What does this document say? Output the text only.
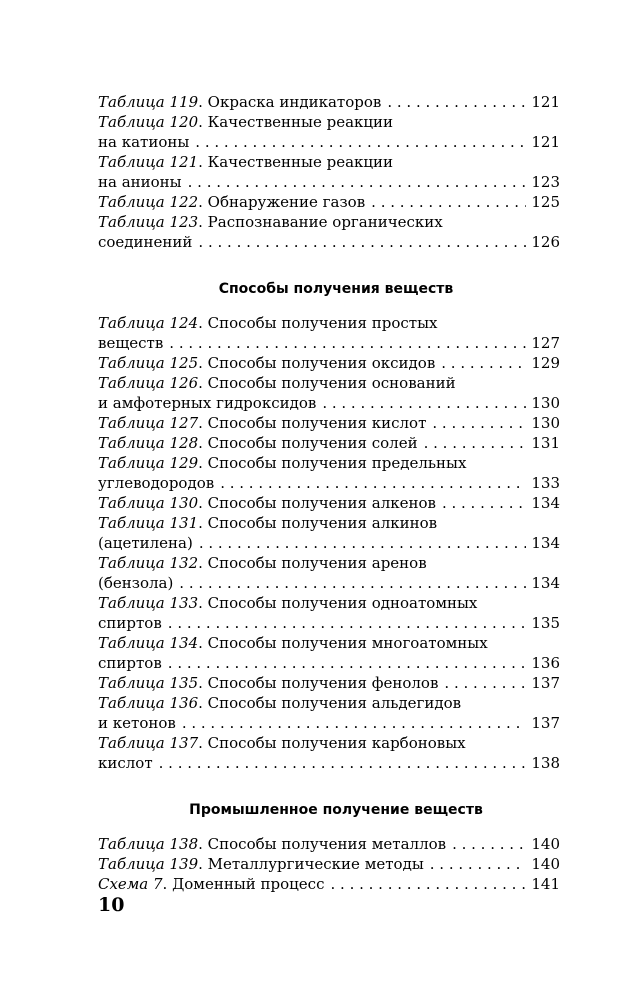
Таблица 119. Окраска индикаторов . . .	121
Таблица 120. Качественные реакции
на катионы . . .	121
Таблица 121. Качественные реакции
на анионы . . .	123
Таблица 122. Обнаружение газов . . .	125
Таблица 123. Распознавание органических
соединений . . .	126
Способы получения веществ
Таблица 124. Способы получения простых
веществ . . .	127
Таблица 125. Способы получения оксидов . . .	129
Таблица 126. Способы получения оснований
и амфотерных гидроксидов . . .	130
Таблица 127. Способы получения кислот . . .	130
Таблица 128. Способы получения солей . . .	131
Таблица 129. Способы получения предельных
углеводородов . . .	133
Таблица 130. Способы получения алкенов . . .	134
Таблица 131. Способы получения алкинов
(ацетилена) . . .	134
Таблица 132. Способы получения аренов
(бензола) . . .	134
Таблица 133. Способы получения одноатомных
спиртов . . .	135
Таблица 134. Способы получения многоатомных
спиртов . . .	136
Таблица 135. Способы получения фенолов . . .	137
Таблица 136. Способы получения альдегидов
и кетонов . . .	137
Таблица 137. Способы получения карбоновых
кислот . . .	138
Промышленное получение веществ
Таблица 138. Способы получения металлов . . .	140
Таблица 139. Металлургические методы . . .	140
Схема 7. Доменный процесс . . .	141
10
